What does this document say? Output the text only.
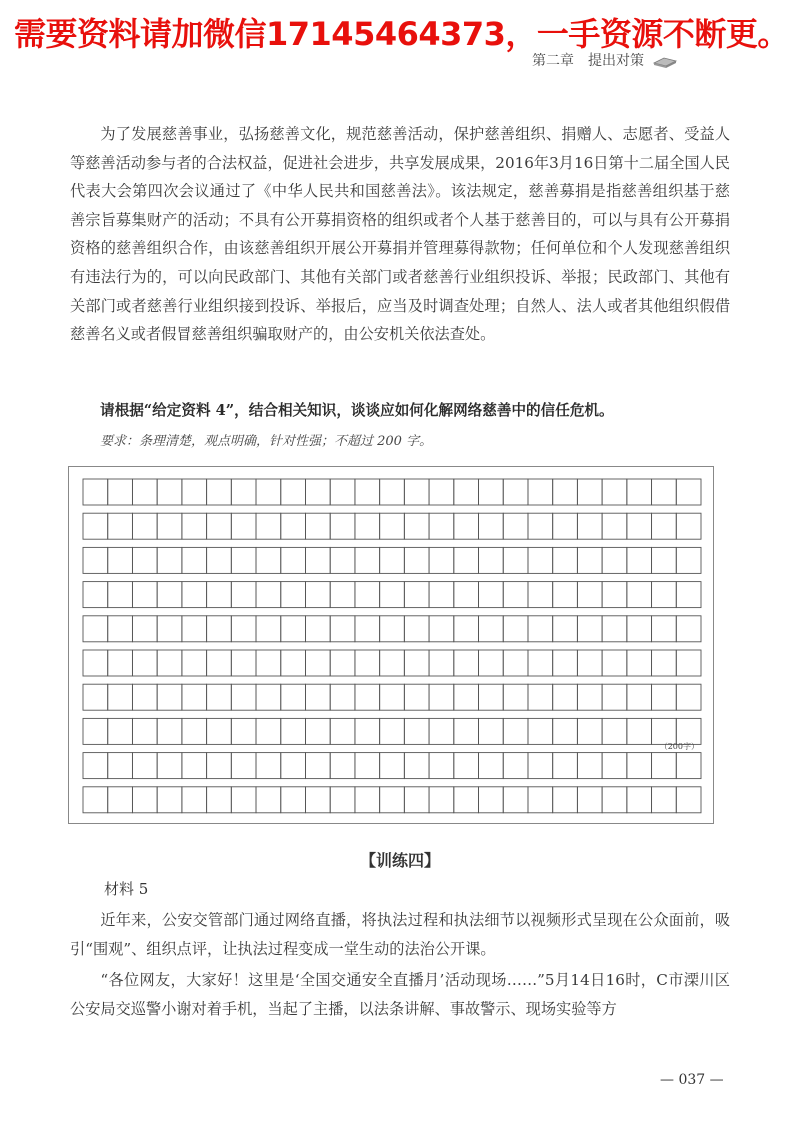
需要资料请加微信17145464373，一手资源不断更。
第二章　提出对策

为了发展慈善事业，弘扬慈善文化，规范慈善活动，保护慈善组织、捐赠人、志愿者、受益人等慈善活动参与者的合法权益，促进社会进步，共享发展成果，2016年3月16日第十二届全国人民代表大会第四次会议通过了《中华人民共和国慈善法》。该法规定，慈善募捐是指慈善组织基于慈善宗旨募集财产的活动；不具有公开募捐资格的组织或者个人基于慈善目的，可以与具有公开募捐资格的慈善组织合作，由该慈善组织开展公开募捐并管理募得款物；任何单位和个人发现慈善组织有违法行为的，可以向民政部门、其他有关部门或者慈善行业组织投诉、举报；民政部门、其他有关部门或者慈善行业组织接到投诉、举报后，应当及时调查处理；自然人、法人或者其他组织假借慈善名义或者假冒慈善组织骗取财产的，由公安机关依法查处。

请根据“给定资料 4”，结合相关知识，谈谈应如何化解网络慈善中的信任危机。
要求：条理清楚，观点明确，针对性强；不超过 200 字。
（200字）
【训练四】
材料 5

近年来，公安交管部门通过网络直播，将执法过程和执法细节以视频形式呈现在公众面前，吸引“围观”、组织点评，让执法过程变成一堂生动的法治公开课。

“各位网友，大家好！这里是‘全国交通安全直播月’活动现场……”5月14日16时，C市溧川区公安局交巡警小谢对着手机，当起了主播，以法条讲解、事故警示、现场实验等方

— 037 —
